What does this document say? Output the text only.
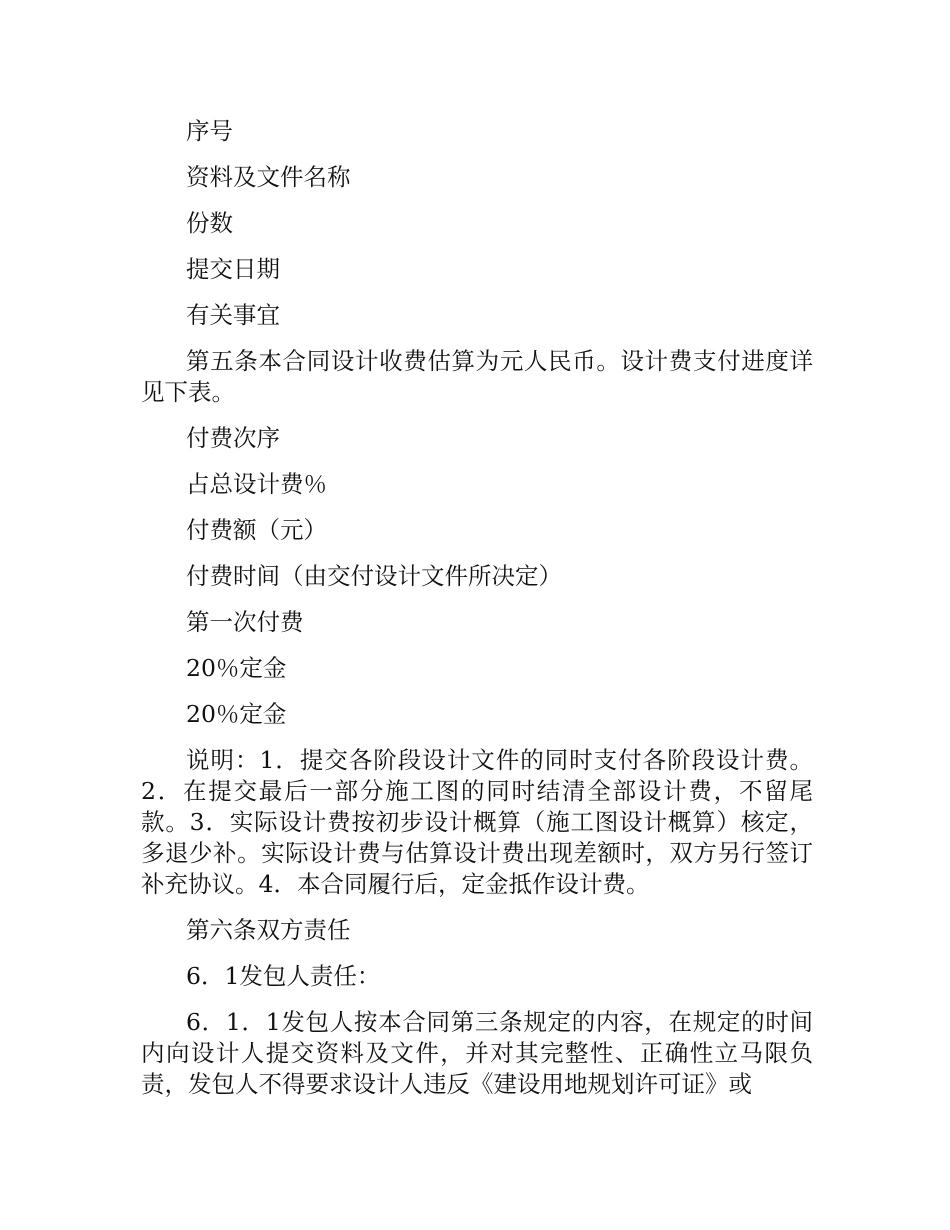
序号

资料及文件名称

份数

提交日期

有关事宜

第五条本合同设计收费估算为元人民币。设计费支付进度详见下表。

付费次序

占总设计费％

付费额（元）

付费时间（由交付设计文件所决定）

第一次付费

20％定金

20％定金

说明：1．提交各阶段设计文件的同时支付各阶段设计费。2．在提交最后一部分施工图的同时结清全部设计费，不留尾款。3．实际设计费按初步设计概算（施工图设计概算）核定，多退少补。实际设计费与估算设计费出现差额时，双方另行签订补充协议。4．本合同履行后，定金抵作设计费。

第六条双方责任

6．1发包人责任：

6．1．1发包人按本合同第三条规定的内容，在规定的时间内向设计人提交资料及文件，并对其完整性、正确性立马限负责，发包人不得要求设计人违反《建设用地规划许可证》或
